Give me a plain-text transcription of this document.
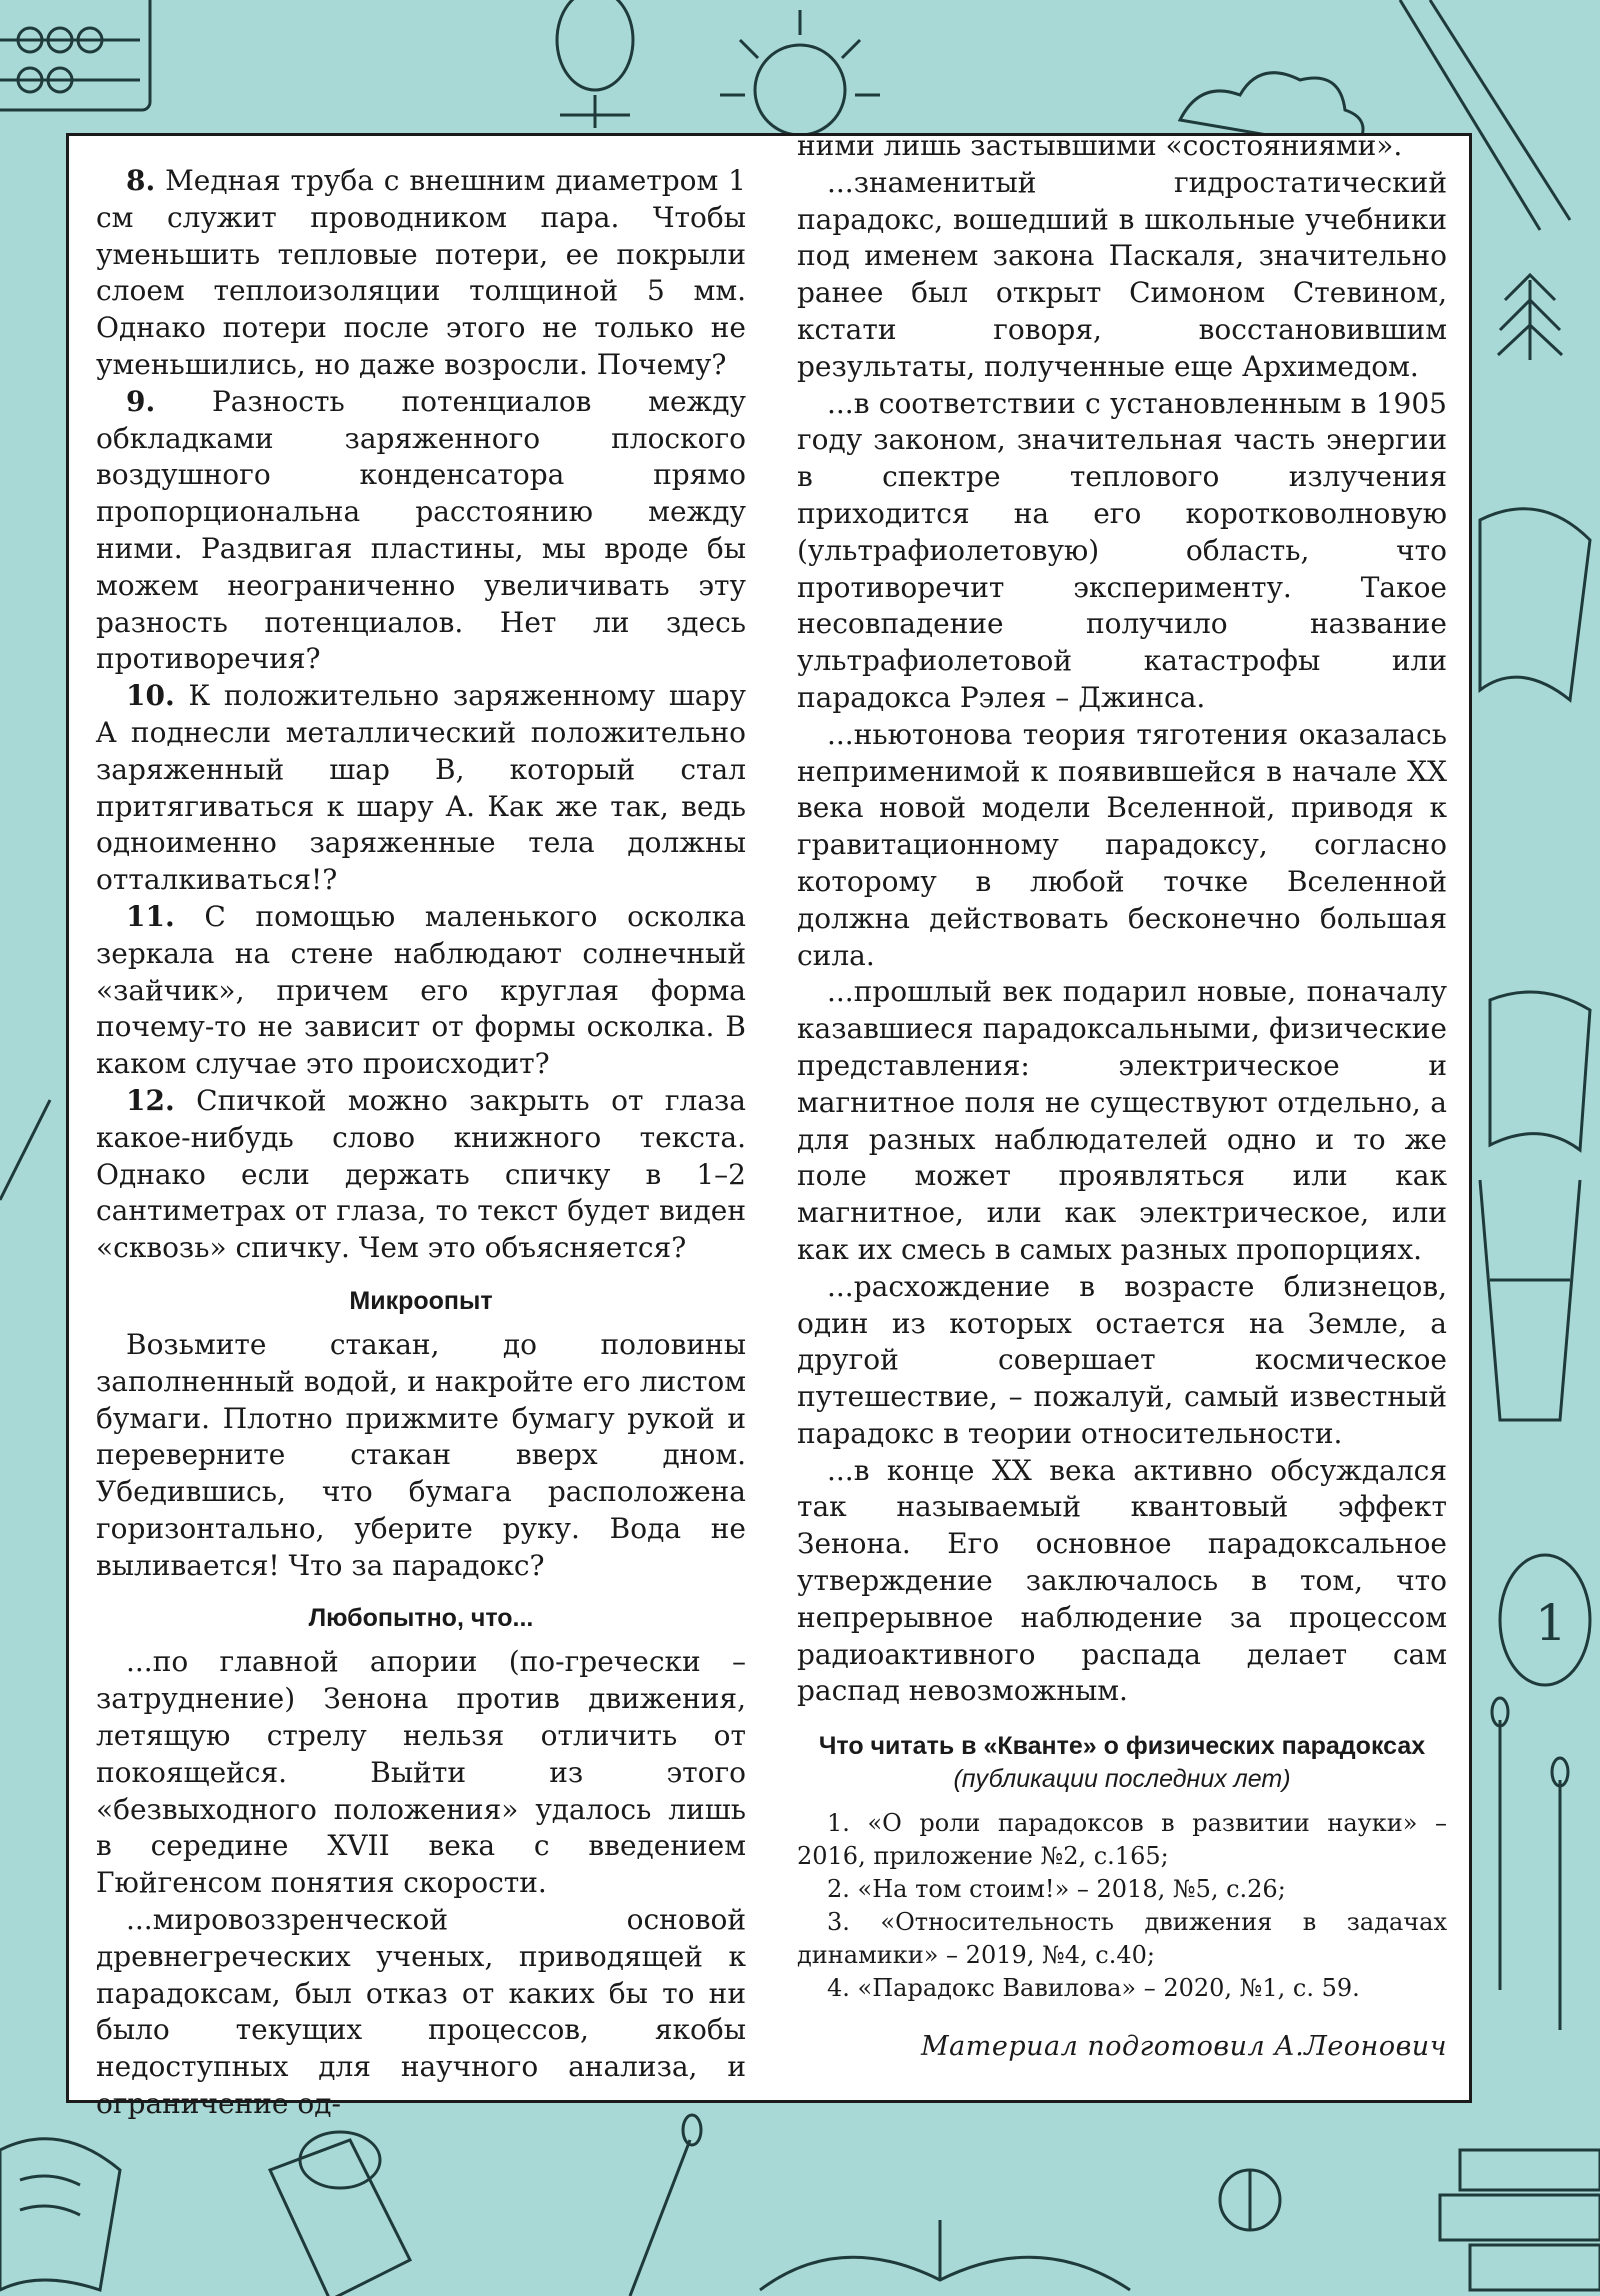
1

8. Медная труба с внешним диаметром 1 см служит проводником пара. Чтобы уменьшить тепловые потери, ее покрыли слоем теплоизоляции толщиной 5 мм. Однако потери после этого не только не уменьшились, но даже возросли. Почему?

9. Разность потенциалов между обкладками заряженного плоского воздушного конденсатора прямо пропорциональна расстоянию между ними. Раздвигая пластины, мы вроде бы можем неограниченно увеличивать эту разность потенциалов. Нет ли здесь противоречия?

10. К положительно заряженному шару A поднесли металлический положительно заряженный шар B, который стал притягиваться к шару A. Как же так, ведь одноименно заряженные тела должны отталкиваться!?

11. С помощью маленького осколка зеркала на стене наблюдают солнечный «зайчик», причем его круглая форма почему-то не зависит от формы осколка. В каком случае это происходит?

12. Спичкой можно закрыть от глаза какое-нибудь слово книжного текста. Однако если держать спичку в 1–2 сантиметрах от глаза, то текст будет виден «сквозь» спичку. Чем это объясняется?

Микроопыт

Возьмите стакан, до половины заполненный водой, и накройте его листом бумаги. Плотно прижмите бумагу рукой и переверните стакан вверх дном. Убедившись, что бумага расположена горизонтально, уберите руку. Вода не выливается! Что за парадокс?

Любопытно, что...

...по главной апории (по-гречески – затруднение) Зенона против движения, летящую стрелу нельзя отличить от покоящейся. Выйти из этого «безвыходного положения» удалось лишь в середине XVII века с введением Гюйгенсом понятия скорости.

...мировоззренческой основой древнегреческих ученых, приводящей к парадоксам, был отказ от каких бы то ни было текущих процессов, якобы недоступных для научного анализа, и ограничение од-

ними лишь застывшими «состояниями».

...знаменитый гидростатический парадокс, вошедший в школьные учебники под именем закона Паскаля, значительно ранее был открыт Симоном Стевином, кстати говоря, восстановившим результаты, полученные еще Архимедом.

...в соответствии с установленным в 1905 году законом, значительная часть энергии в спектре теплового излучения приходится на его коротковолновую (ультрафиолетовую) область, что противоречит эксперименту. Такое несовпадение получило название ультрафиолетовой катастрофы или парадокса Рэлея – Джинса.

...ньютонова теория тяготения оказалась неприменимой к появившейся в начале XX века новой модели Вселенной, приводя к гравитационному парадоксу, согласно которому в любой точке Вселенной должна действовать бесконечно большая сила.

...прошлый век подарил новые, поначалу казавшиеся парадоксальными, физические представления: электрическое и магнитное поля не существуют отдельно, а для разных наблюдателей одно и то же поле может проявляться или как магнитное, или как электрическое, или как их смесь в самых разных пропорциях.

...расхождение в возрасте близнецов, один из которых остается на Земле, а другой совершает космическое путешествие, – пожалуй, самый известный парадокс в теории относительности.

...в конце XX века активно обсуждался так называемый квантовый эффект Зенона. Его основное парадоксальное утверждение заключалось в том, что непрерывное наблюдение за процессом радиоактивного распада делает сам распад невозможным.

Что читать в «Кванте» о физических парадоксах
(публикации последних лет)
1. «О роли парадоксов в развитии науки» – 2016, приложение №2, с.165;
2. «На том стоим!» – 2018, №5, с.26;
3. «Относительность движения в задачах динамики» – 2019, №4, с.40;
4. «Парадокс Вавилова» – 2020, №1, с. 59.
Материал подготовил А.Леонович
